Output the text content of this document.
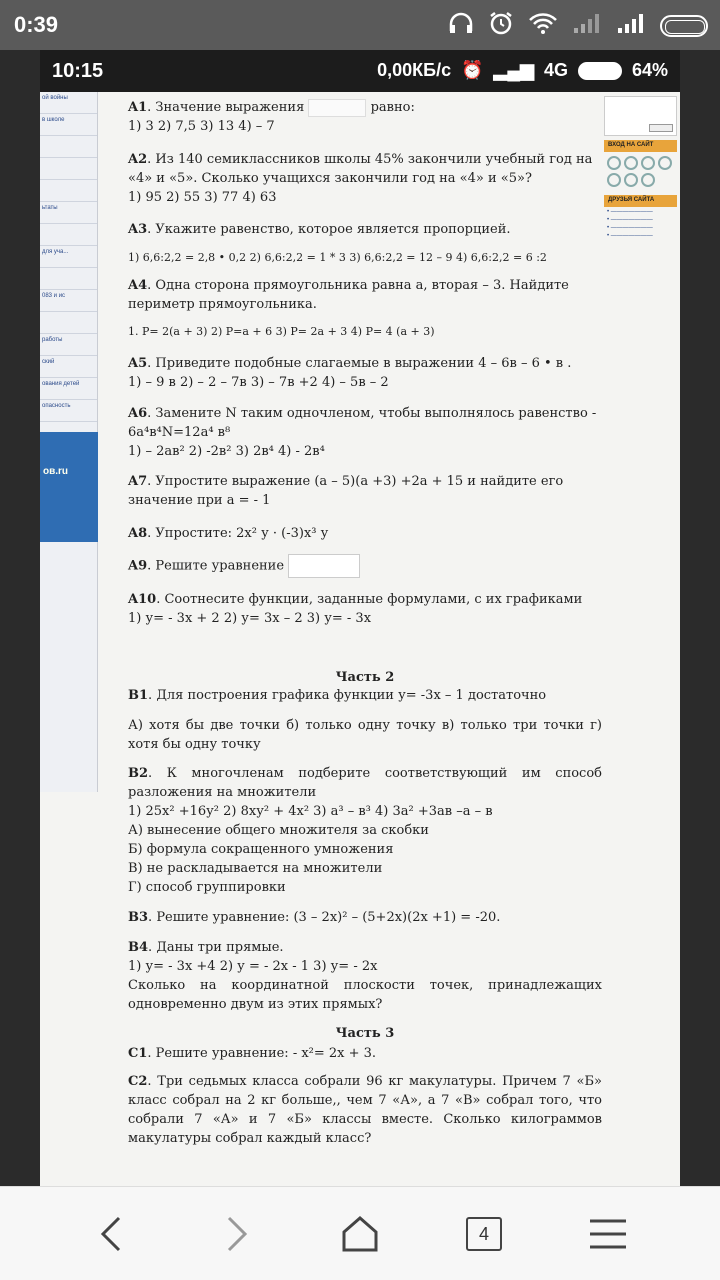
0:39
10:15	0,00КБ/с ⏰ ▂▄▆ 4G	64%
ой войны
в школе
ьтаты
для уча...
083 и ис
работы
ский
ования детей
опасность
ов.ru
ВХОД НА САЙТ
ДРУЗЬЯ САЙТА
• ———————
• ———————
• ———————
• ———————
A1. Значение выражения	равно:
1) 3 2) 7,5 3) 13 4) – 7
A2. Из 140 семиклассников школы 45% закончили учебный год на «4» и «5». Сколько учащихся закончили год на «4» и «5»?
1) 95 2) 55 3) 77 4) 63
A3. Укажите равенство, которое является пропорцией.
1) 6,6:2,2 = 2,8 • 0,2 2) 6,6:2,2 = 1 * 3 3) 6,6:2,2 = 12 – 9 4) 6,6:2,2 = 6 :2
A4. Одна сторона прямоугольника равна а, вторая – 3. Найдите периметр прямоугольника.
1. Р= 2(а + 3) 2) Р=а + 6 3) Р= 2а + 3 4) Р= 4 (а + 3)
A5. Приведите подобные слагаемые в выражении 4 – 6в – 6 • в .
1) – 9 в 2) – 2 – 7в 3) – 7в +2 4) – 5в – 2
A6. Замените N таким одночленом, чтобы выполнялось равенство - 6а⁴в⁴N=12а⁴ в⁸
1) – 2ав² 2) -2в² 3) 2в⁴ 4) - 2в⁴
A7. Упростите выражение (а – 5)(а +3) +2а + 15 и найдите его значение при а = - 1
A8. Упростите: 2х² у · (-3)х³ у
A9. Решите уравнение
A10. Соотнесите функции, заданные формулами, с их графиками
1) у= - 3х + 2 2) у= 3х – 2 3) у= - 3х
Часть 2
B1. Для построения графика функции у= -3х – 1 достаточно
А) хотя бы две точки б) только одну точку в) только три точки г) хотя бы одну точку
B2. К многочленам подберите соответствующий им способ разложения на множители
1) 25х² +16у² 2) 8ху² + 4х² 3) а³ – в³ 4) 3а² +3ав –а – в
А) вынесение общего множителя за скобки
Б) формула сокращенного умножения
В) не раскладывается на множители
Г) способ группировки
B3. Решите уравнение: (3 – 2х)² – (5+2х)(2х +1) = -20.
B4. Даны три прямые.
1) у= - 3х +4 2) у = - 2х - 1 3) у= - 2х
Сколько на координатной плоскости точек, принадлежащих одновременно двум из этих прямых?
Часть 3
C1. Решите уравнение: - х²= 2х + 3.
C2. Три седьмых класса собрали 96 кг макулатуры. Причем 7 «Б» класс собрал на 2 кг больше,, чем 7 «А», а 7 «В» собрал того, что собрали 7 «А» и 7 «Б» классы вместе. Сколько килограммов макулатуры собрал каждый класс?
4
